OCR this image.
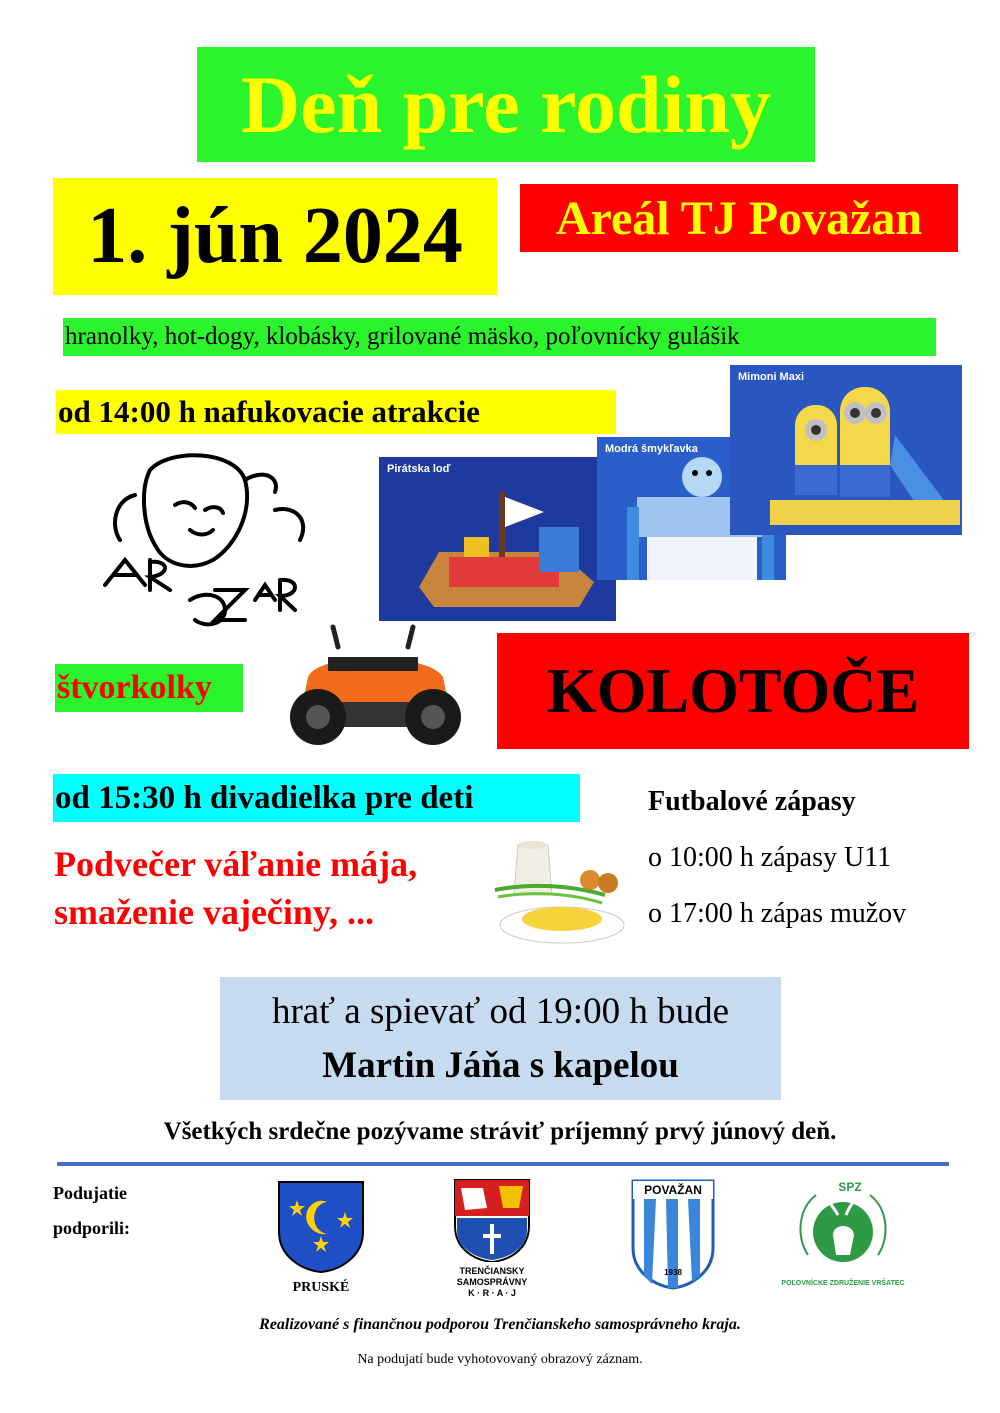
Deň pre rodiny
1. jún 2024 Areál TJ Považan
hranolky, hot-dogy, klobásky, grilované mäsko, poľovnícky gulášik
od 14:00 h nafukovacie atrakcie
Pirátska loď
Modrá šmykľavka
Mimoni Maxi
štvorkolky	KOLOTOČE
od 15:30 h divadielka pre deti
Podvečer váľanie mája,
smaženie vaječiny, ...
Futbalové zápasy
o 10:00 h zápasy U11
o 17:00 h zápas mužov
hrať a spievať od 19:00 h bude
Martin Jáňa s kapelou
Všetkých srdečne pozývame stráviť príjemný prvý júnový deň.
Podujatie
podporili:
PRUSKÉ
TRENČIANSKY
SAMOSPRÁVNY
K · R · A · J
POVAŽAN
1938
SPZ
POĽOVNÍCKE ZDRUŽENIE VRŠATEC
Realizované s finančnou podporou Trenčianskeho samosprávneho kraja.
Na podujatí bude vyhotovovaný obrazový záznam.
